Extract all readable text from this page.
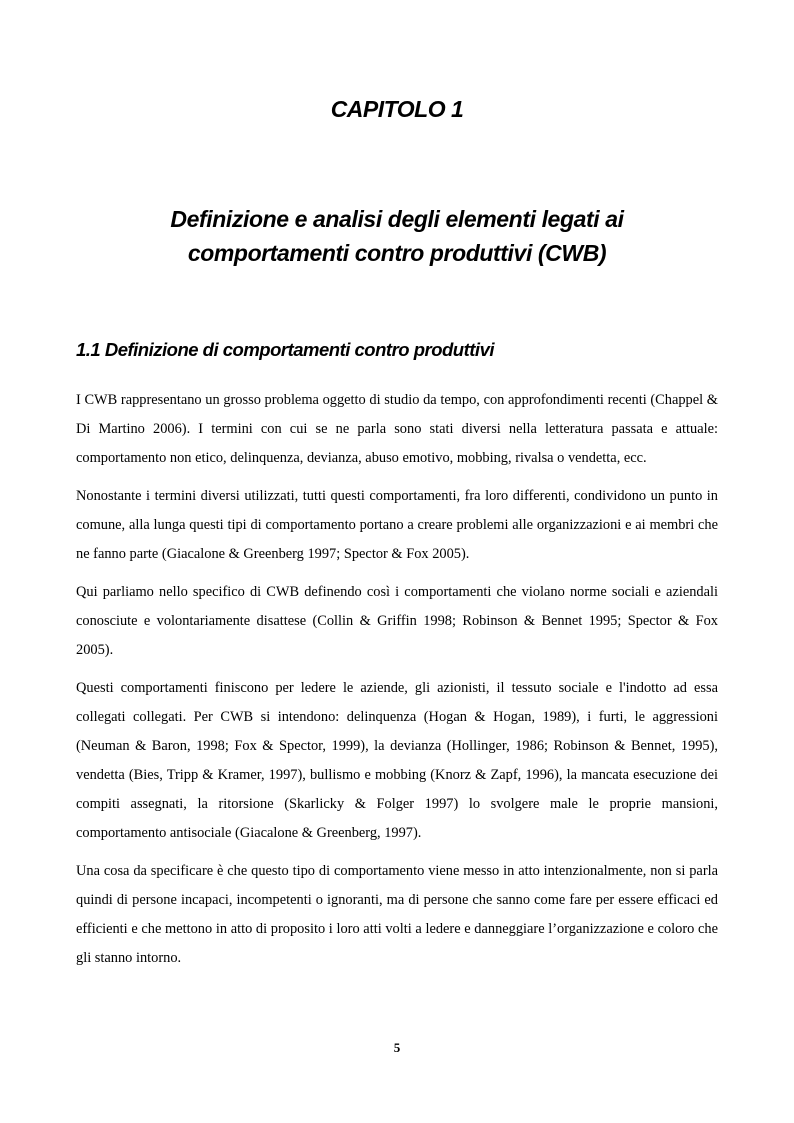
CAPITOLO 1
Definizione e analisi degli elementi legati ai comportamenti contro produttivi (CWB)
1.1 Definizione di comportamenti contro produttivi

I CWB rappresentano un grosso problema oggetto di studio da tempo, con approfondimenti recenti (Chappel & Di Martino 2006). I termini con cui se ne parla sono stati diversi nella letteratura passata e attuale: comportamento non etico, delinquenza, devianza, abuso emotivo, mobbing, rivalsa o vendetta, ecc.

Nonostante i termini diversi utilizzati, tutti questi comportamenti, fra loro differenti, condividono un punto in comune, alla lunga questi tipi di comportamento portano a creare problemi alle organizzazioni e ai membri che ne fanno parte (Giacalone & Greenberg 1997; Spector & Fox 2005).

Qui parliamo nello specifico di CWB definendo così i comportamenti che violano norme sociali e aziendali conosciute e volontariamente disattese (Collin & Griffin 1998; Robinson & Bennet 1995; Spector & Fox 2005).

Questi comportamenti finiscono per ledere le aziende, gli azionisti, il tessuto sociale e l'indotto ad essa collegati collegati. Per CWB si intendono: delinquenza (Hogan & Hogan, 1989), i furti, le aggressioni (Neuman & Baron, 1998; Fox & Spector, 1999), la devianza (Hollinger, 1986; Robinson & Bennet, 1995), vendetta (Bies, Tripp & Kramer, 1997), bullismo e mobbing (Knorz & Zapf, 1996), la mancata esecuzione dei compiti assegnati, la ritorsione (Skarlicky & Folger 1997) lo svolgere male le proprie mansioni, comportamento antisociale (Giacalone & Greenberg, 1997).

Una cosa da specificare è che questo tipo di comportamento viene messo in atto intenzionalmente, non si parla quindi di persone incapaci, incompetenti o ignoranti, ma di persone che sanno come fare per essere efficaci ed efficienti e che mettono in atto di proposito i loro atti volti a ledere e danneggiare l’organizzazione e coloro che gli stanno intorno.

5
